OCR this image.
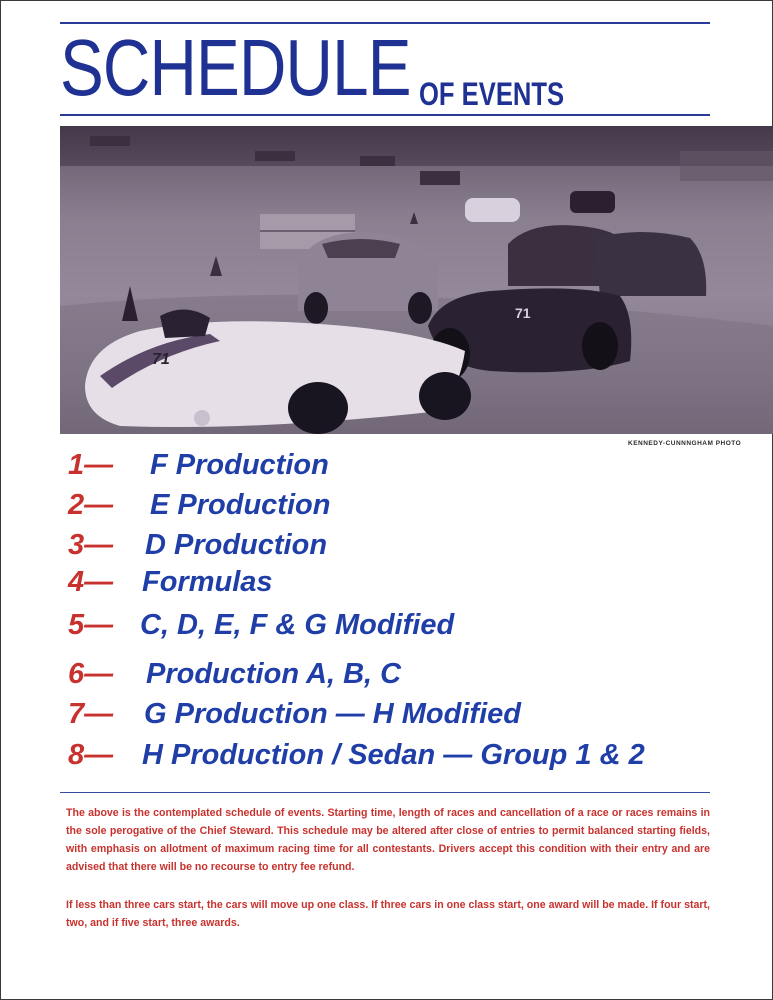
SCHEDULE OF EVENTS
71
71
KENNEDY-CUNNNGHAM PHOTO
1— F Production
2— E Production
3— D Production
4— Formulas
5— C, D, E, F & G Modified
6— Production A, B, C
7— G Production — H Modified
8— H Production / Sedan — Group 1 & 2

The above is the contemplated schedule of events. Starting time, length of races and cancellation of a race or races remains in the sole perogative of the Chief Steward. This schedule may be altered after close of entries to permit balanced starting fields, with emphasis on allotment of maximum racing time for all contestants. Drivers accept this condition with their entry and are advised that there will be no recourse to entry fee refund.

If less than three cars start, the cars will move up one class. If three cars in one class start, one award will be made. If four start, two, and if five start, three awards.
